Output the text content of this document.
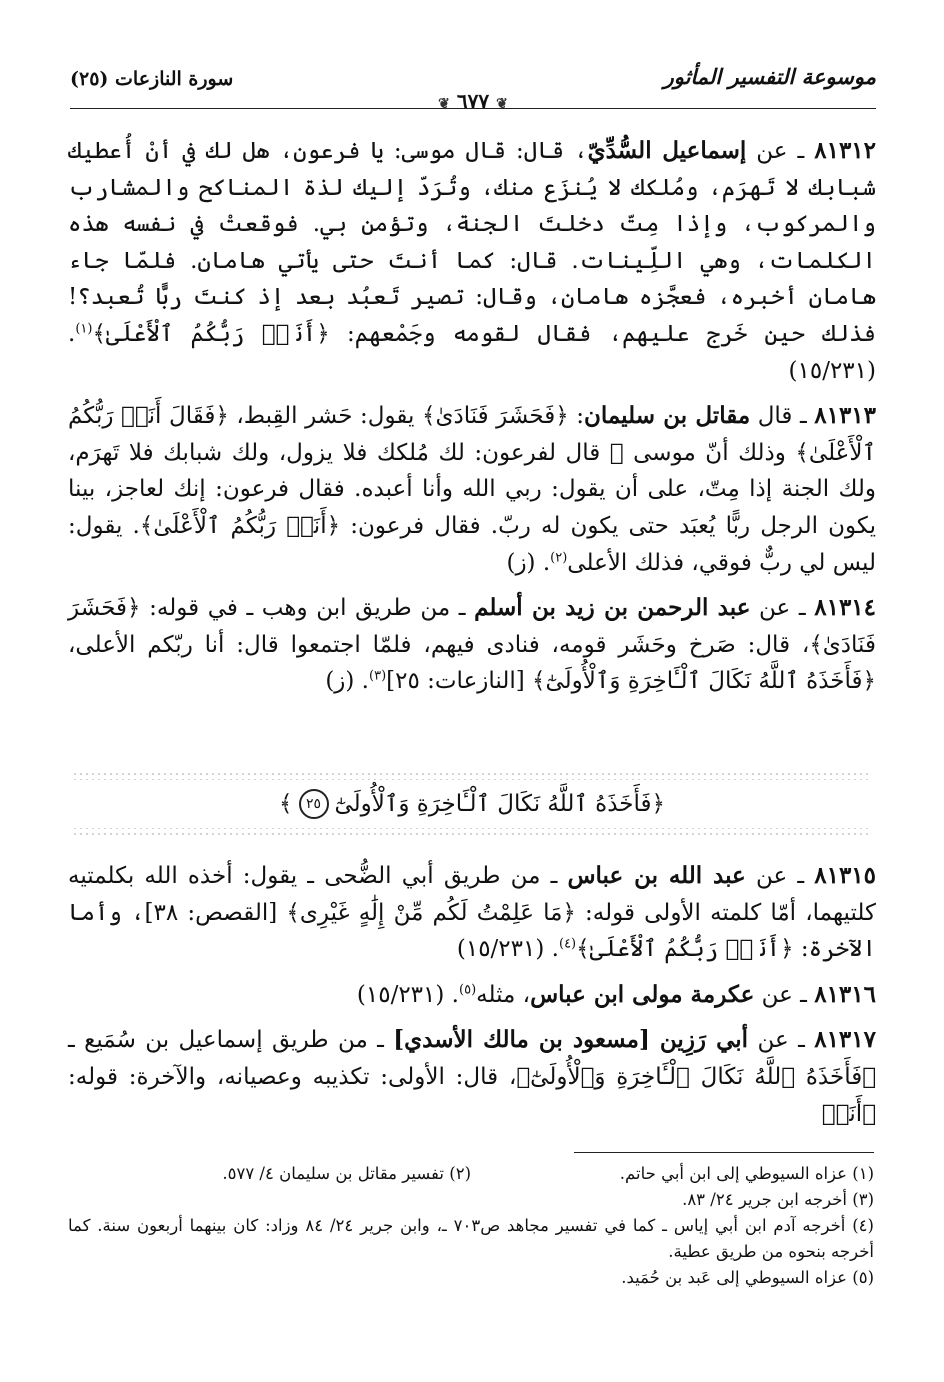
موسوعة التفسير المأثور
❦ ٦٧٧ ❦
سورة النازعات (٢٥)

٨١٣١٢ ـ عن إسماعيل السُّدِّيّ، قال: قال موسى: يا فرعون، هل لك في أنْ أُعطيك شبابك لا تَهرَم، ومُلكك لا يُنزَع منك، وتُرَدّ إليك لذة المناكح والمشارب والمركوب، وإذا مِتّ دخلتَ الجنة، وتؤمن بي. فوقعتْ في نفسه هذه الكلمات، وهي اللِّينات. قال: كما أنتَ حتى يأتي هامان. فلمّا جاء هامان أخبره، فعجَّزه هامان، وقال: تصير تَعبُد بعد إذ كنتَ ربًّا تُعبد؟! فذلك حين خَرج عليهم، فقال لقومه وجَمْعهم: ﴿أَنَا۠ رَبُّكُمُ ٱلْأَعْلَىٰ﴾$^{(١)}$. (١٥/٢٣١)

٨١٣١٣ ـ قال مقاتل بن سليمان: ﴿فَحَشَرَ فَنَادَىٰ﴾ يقول: حَشر القِبط، ﴿فَقَالَ أَنَا۠ رَبُّكُمُ ٱلْأَعْلَىٰ﴾ وذلك أنّ موسى ﷺ قال لفرعون: لك مُلكك فلا يزول، ولك شبابك فلا تَهرَم، ولك الجنة إذا مِتّ، على أن يقول: ربي الله وأنا أعبده. فقال فرعون: إنك لعاجز، بينا يكون الرجل ربًّا يُعبَد حتى يكون له ربّ. فقال فرعون: ﴿أَنَا۠ رَبُّكُمُ ٱلْأَعْلَىٰ﴾. يقول: ليس لي ربٌّ فوقي، فذلك الأعلى$^{(٢)}$. (ز)

٨١٣١٤ ـ عن عبد الرحمن بن زيد بن أسلم ـ من طريق ابن وهب ـ في قوله: ﴿فَحَشَرَ فَنَادَىٰ﴾، قال: صَرخ وحَشَر قومه، فنادى فيهم، فلمّا اجتمعوا قال: أنا ربّكم الأعلى، ﴿فَأَخَذَهُ ٱللَّهُ نَكَالَ ٱلْـَٔاخِرَةِ وَٱلْأُولَىٰٓ﴾ [النازعات: ٢٥]$^{(٣)}$. (ز)

﴿فَأَخَذَهُ ٱللَّهُ نَكَالَ ٱلْـَٔاخِرَةِ وَٱلْأُولَىٰٓ
٢٥
﴾

٨١٣١٥ ـ عن عبد الله بن عباس ـ من طريق أبي الضُّحى ـ يقول: أخذه الله بكلمتيه كلتيهما، أمّا كلمته الأولى قوله: ﴿مَا عَلِمْتُ لَكُم مِّنْ إِلَٰهٍ غَيْرِى﴾ [القصص: ٣٨]، وأما الآخرة: ﴿أَنَا۠ رَبُّكُمُ ٱلْأَعْلَىٰ﴾$^{(٤)}$. (١٥/٢٣١)

٨١٣١٦ ـ عن عكرمة مولى ابن عباس، مثله$^{(٥)}$. (١٥/٢٣١)

٨١٣١٧ ـ عن أبي رَزِين [مسعود بن مالك الأسدي] ـ من طريق إسماعيل بن سُمَيع ـ ﴿فَأَخَذَهُ ٱللَّهُ نَكَالَ ٱلْـَٔاخِرَةِ وَٱلْأُولَىٰٓ﴾، قال: الأولى: تكذيبه وعصيانه، والآخرة: قوله: ﴿أَنَا۠

(١) عزاه السيوطي إلى ابن أبي حاتم.
(٢) تفسير مقاتل بن سليمان ٤/ ٥٧٧.
(٣) أخرجه ابن جرير ٢٤/ ٨٣.
(٤) أخرجه آدم ابن أبي إياس ـ كما في تفسير مجاهد ص٧٠٣ ـ، وابن جرير ٢٤/ ٨٤ وزاد: كان بينهما أربعون سنة. كما أخرجه بنحوه من طريق عطية.
(٥) عزاه السيوطي إلى عَبد بن حُمَيد.
